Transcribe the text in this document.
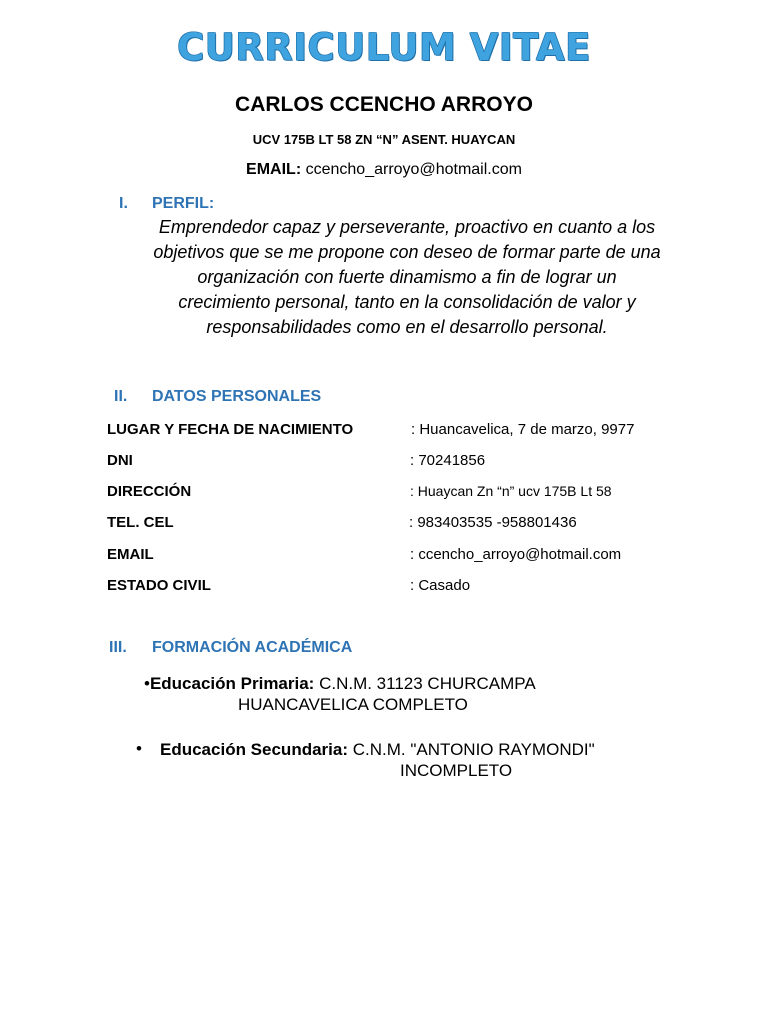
CURRICULUM VITAE
CARLOS CCENCHO ARROYO
UCV 175B LT 58 ZN “N” ASENT. HUAYCAN
EMAIL: ccencho_arroyo@hotmail.com
I. PERFIL:
Emprendedor capaz y perseverante, proactivo en cuanto a los objetivos que se me propone con deseo de formar parte de una organización con fuerte dinamismo a fin de lograr un crecimiento personal, tanto en la consolidación de valor y responsabilidades como en el desarrollo personal.
II. DATOS PERSONALES
LUGAR Y FECHA DE NACIMIENTO	: Huancavelica, 7 de marzo, 9977
DNI	: 70241856
DIRECCIÓN	: Huaycan Zn “n” ucv 175B Lt 58
TEL. CEL	: 983403535 -958801436
EMAIL	: ccencho_arroyo@hotmail.com
ESTADO CIVIL	: Casado
III. FORMACIÓN ACADÉMICA
•Educación Primaria: C.N.M. 31123 CHURCAMPA
HUANCAVELICA COMPLETO
• Educación Secundaria: C.N.M. "ANTONIO RAYMONDI"
INCOMPLETO
